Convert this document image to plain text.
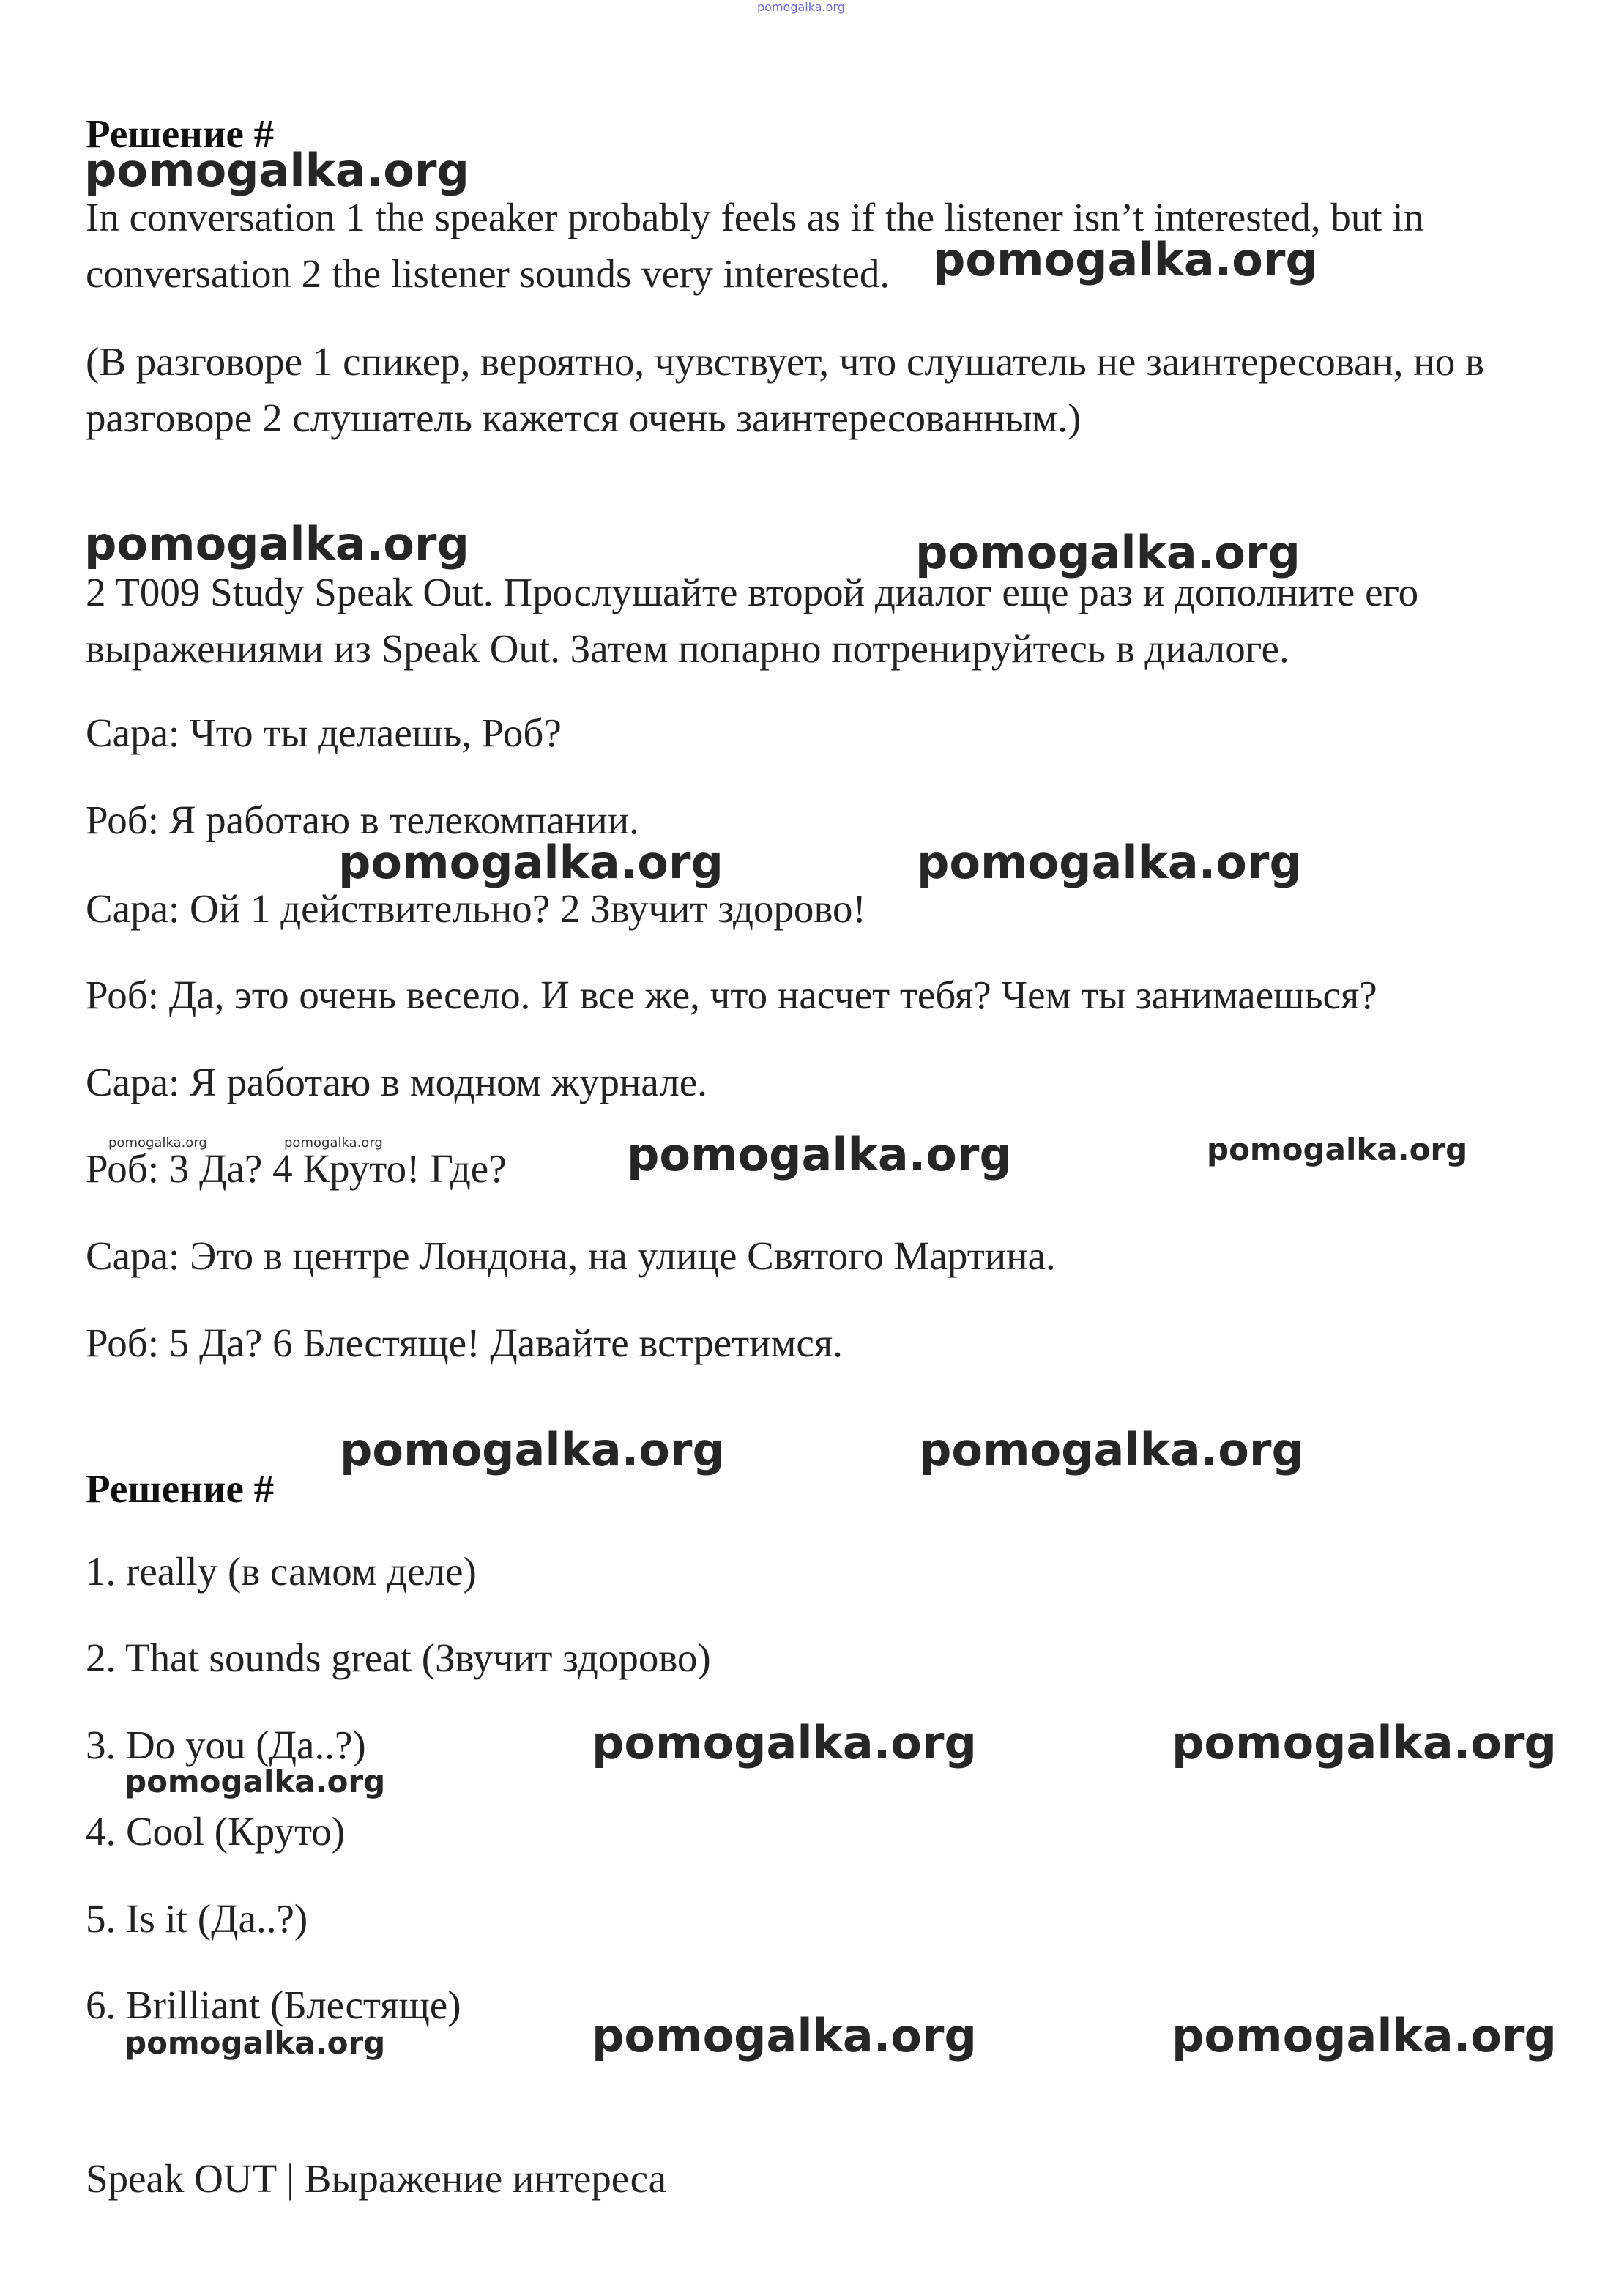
pomogalka.org
Решение #
pomogalka.org
In conversation 1 the speaker probably feels as if the listener isn’t interested, but in conversation 2 the listener sounds very interested. pomogalka.org
(В разговоре 1 спикер, вероятно, чувствует, что слушатель не заинтересован, но в разговоре 2 слушатель кажется очень заинтересованным.)
pomogalka.org	pomogalka.org
2 T009 Study Speak Out. Прослушайте второй диалог еще раз и дополните его выражениями из Speak Out. Затем попарно потренируйтесь в диалоге.
Сара: Что ты делаешь, Роб?
Роб: Я работаю в телекомпании.
pomogalka.org	pomogalka.org
Сара: Ой 1 действительно? 2 Звучит здорово!
Роб: Да, это очень весело. И все же, что насчет тебя? Чем ты занимаешься?
Сара: Я работаю в модном журнале.
pomogalka.org	pomogalka.org
Роб: 3 Да? 4 Круто! Где?	pomogalka.org	pomogalka.org
Сара: Это в центре Лондона, на улице Святого Мартина.
Роб: 5 Да? 6 Блестяще! Давайте встретимся.
pomogalka.org	pomogalka.org
Решение #
1. really (в самом деле)
2. That sounds great (Звучит здорово)
3. Do you (Да..?)	pomogalka.org	pomogalka.org
pomogalka.org
4. Cool (Круто)
5. Is it (Да..?)
6. Brilliant (Блестяще)
pomogalka.org	pomogalka.org
pomogalka.org
Speak OUT | Выражение интереса
